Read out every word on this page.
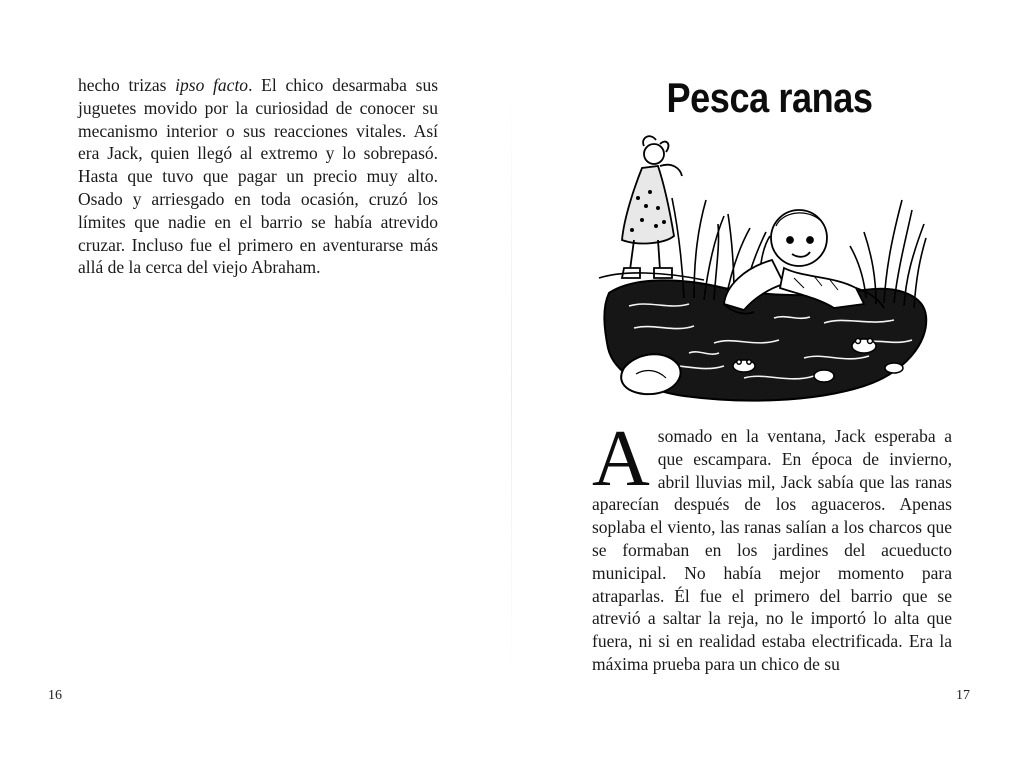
hecho trizas ipso facto. El chico desarmaba sus juguetes movido por la curiosidad de conocer su mecanismo interior o sus reacciones vitales. Así era Jack, quien llegó al extremo y lo sobrepasó. Hasta que tuvo que pagar un precio muy alto. Osado y arriesgado en toda ocasión, cruzó los límites que nadie en el barrio se había atrevido cruzar. Incluso fue el primero en aventurarse más allá de la cerca del viejo Abraham.

16
Pesca ranas

Asomado en la ventana, Jack esperaba a que escampara. En época de invierno, abril lluvias mil, Jack sabía que las ranas aparecían después de los aguaceros. Apenas soplaba el viento, las ranas salían a los charcos que se formaban en los jardines del acueducto municipal. No había mejor momento para atraparlas. Él fue el primero del barrio que se atrevió a saltar la reja, no le importó lo alta que fuera, ni si en realidad estaba electrificada. Era la máxima prueba para un chico de su

17
